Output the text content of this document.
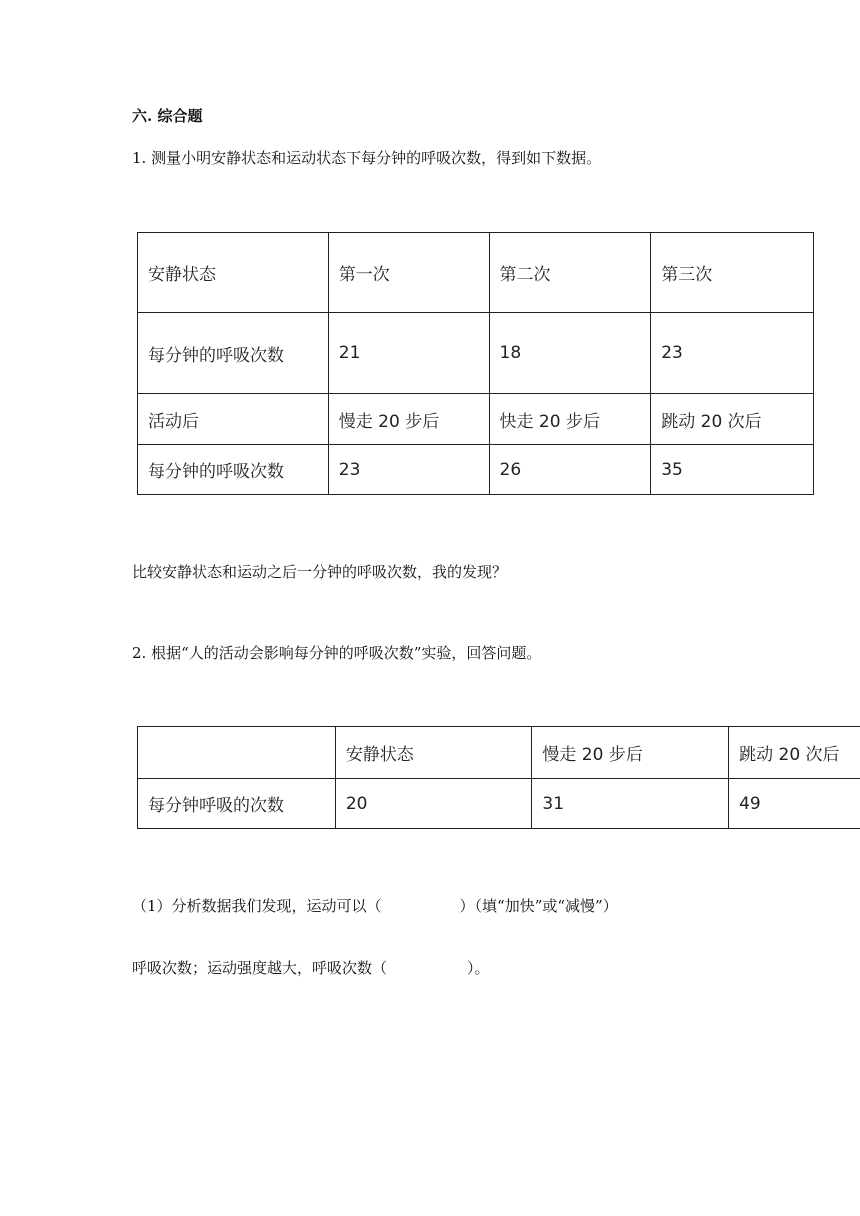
六. 综合题
1. 测量小明安静状态和运动状态下每分钟的呼吸次数，得到如下数据。
安静状态	第一次	第二次	第三次
每分钟的呼吸次数	21	18	23
活动后	慢走 20 步后	快走 20 步后	跳动 20 次后
每分钟的呼吸次数	23	26	35
比较安静状态和运动之后一分钟的呼吸次数，我的发现？
2. 根据“人的活动会影响每分钟的呼吸次数”实验，回答问题。
	安静状态	慢走 20 步后	跳动 20 次后
每分钟呼吸的次数	20	31	49
（1）分析数据我们发现，运动可以（	）（填“加快”或“减慢”）
呼吸次数；运动强度越大，呼吸次数（	）。
